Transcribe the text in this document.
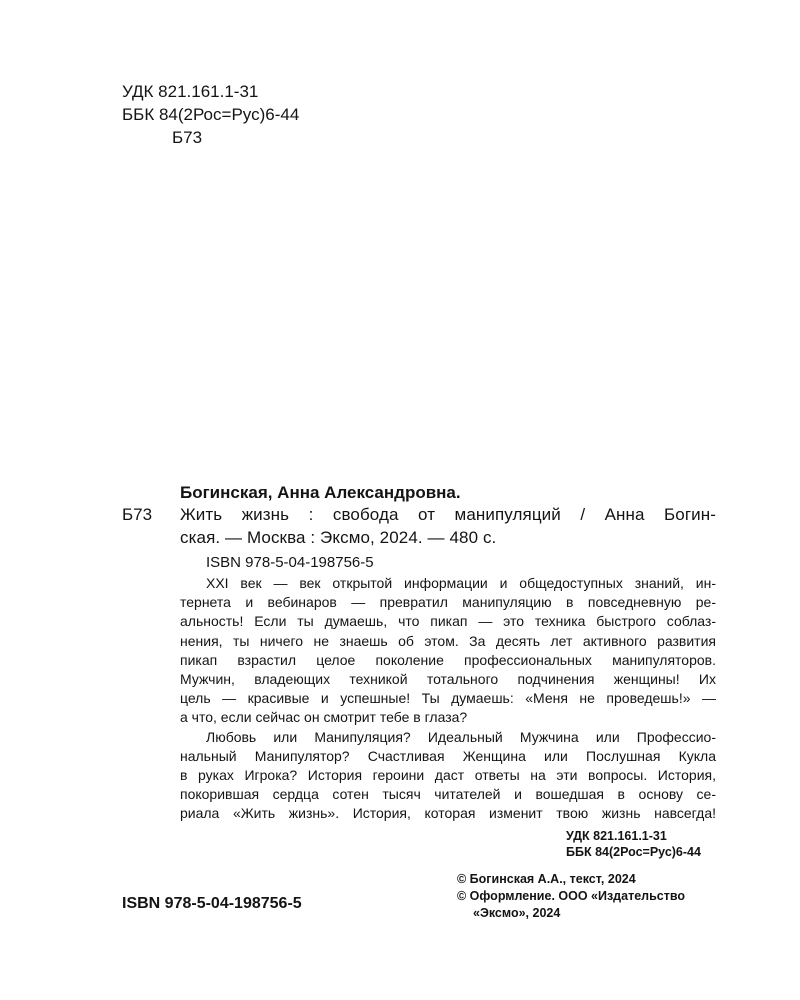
УДК 821.161.1-31
ББК 84(2Рос=Рус)6-44
Б73
Богинская, Анна Александровна.
Б73 Жить жизнь : свобода от манипуляций / Анна Богин-
ская. — Москва : Эксмо, 2024. — 480 с.
ISBN 978-5-04-198756-5
XXI век — век открытой информации и общедоступных знаний, ин-
тернета и вебинаров — превратил манипуляцию в повседневную ре-
альность! Если ты думаешь, что пикап — это техника быстрого соблаз-
нения, ты ничего не знаешь об этом. За десять лет активного развития
пикап взрастил целое поколение профессиональных манипуляторов.
Мужчин, владеющих техникой тотального подчинения женщины! Их
цель — красивые и успешные! Ты думаешь: «Меня не проведешь!» —
а что, если сейчас он смотрит тебе в глаза?
Любовь или Манипуляция? Идеальный Мужчина или Профессио-
нальный Манипулятор? Счастливая Женщина или Послушная Кукла
в руках Игрока? История героини даст ответы на эти вопросы. История,
покорившая сердца сотен тысяч читателей и вошедшая в основу се-
риала «Жить жизнь». История, которая изменит твою жизнь навсегда!
УДК 821.161.1-31
ББК 84(2Рос=Рус)6-44
ISBN 978-5-04-198756-5
© Богинская А.А., текст, 2024
© Оформление. ООО «Издательство
«Эксмо», 2024
